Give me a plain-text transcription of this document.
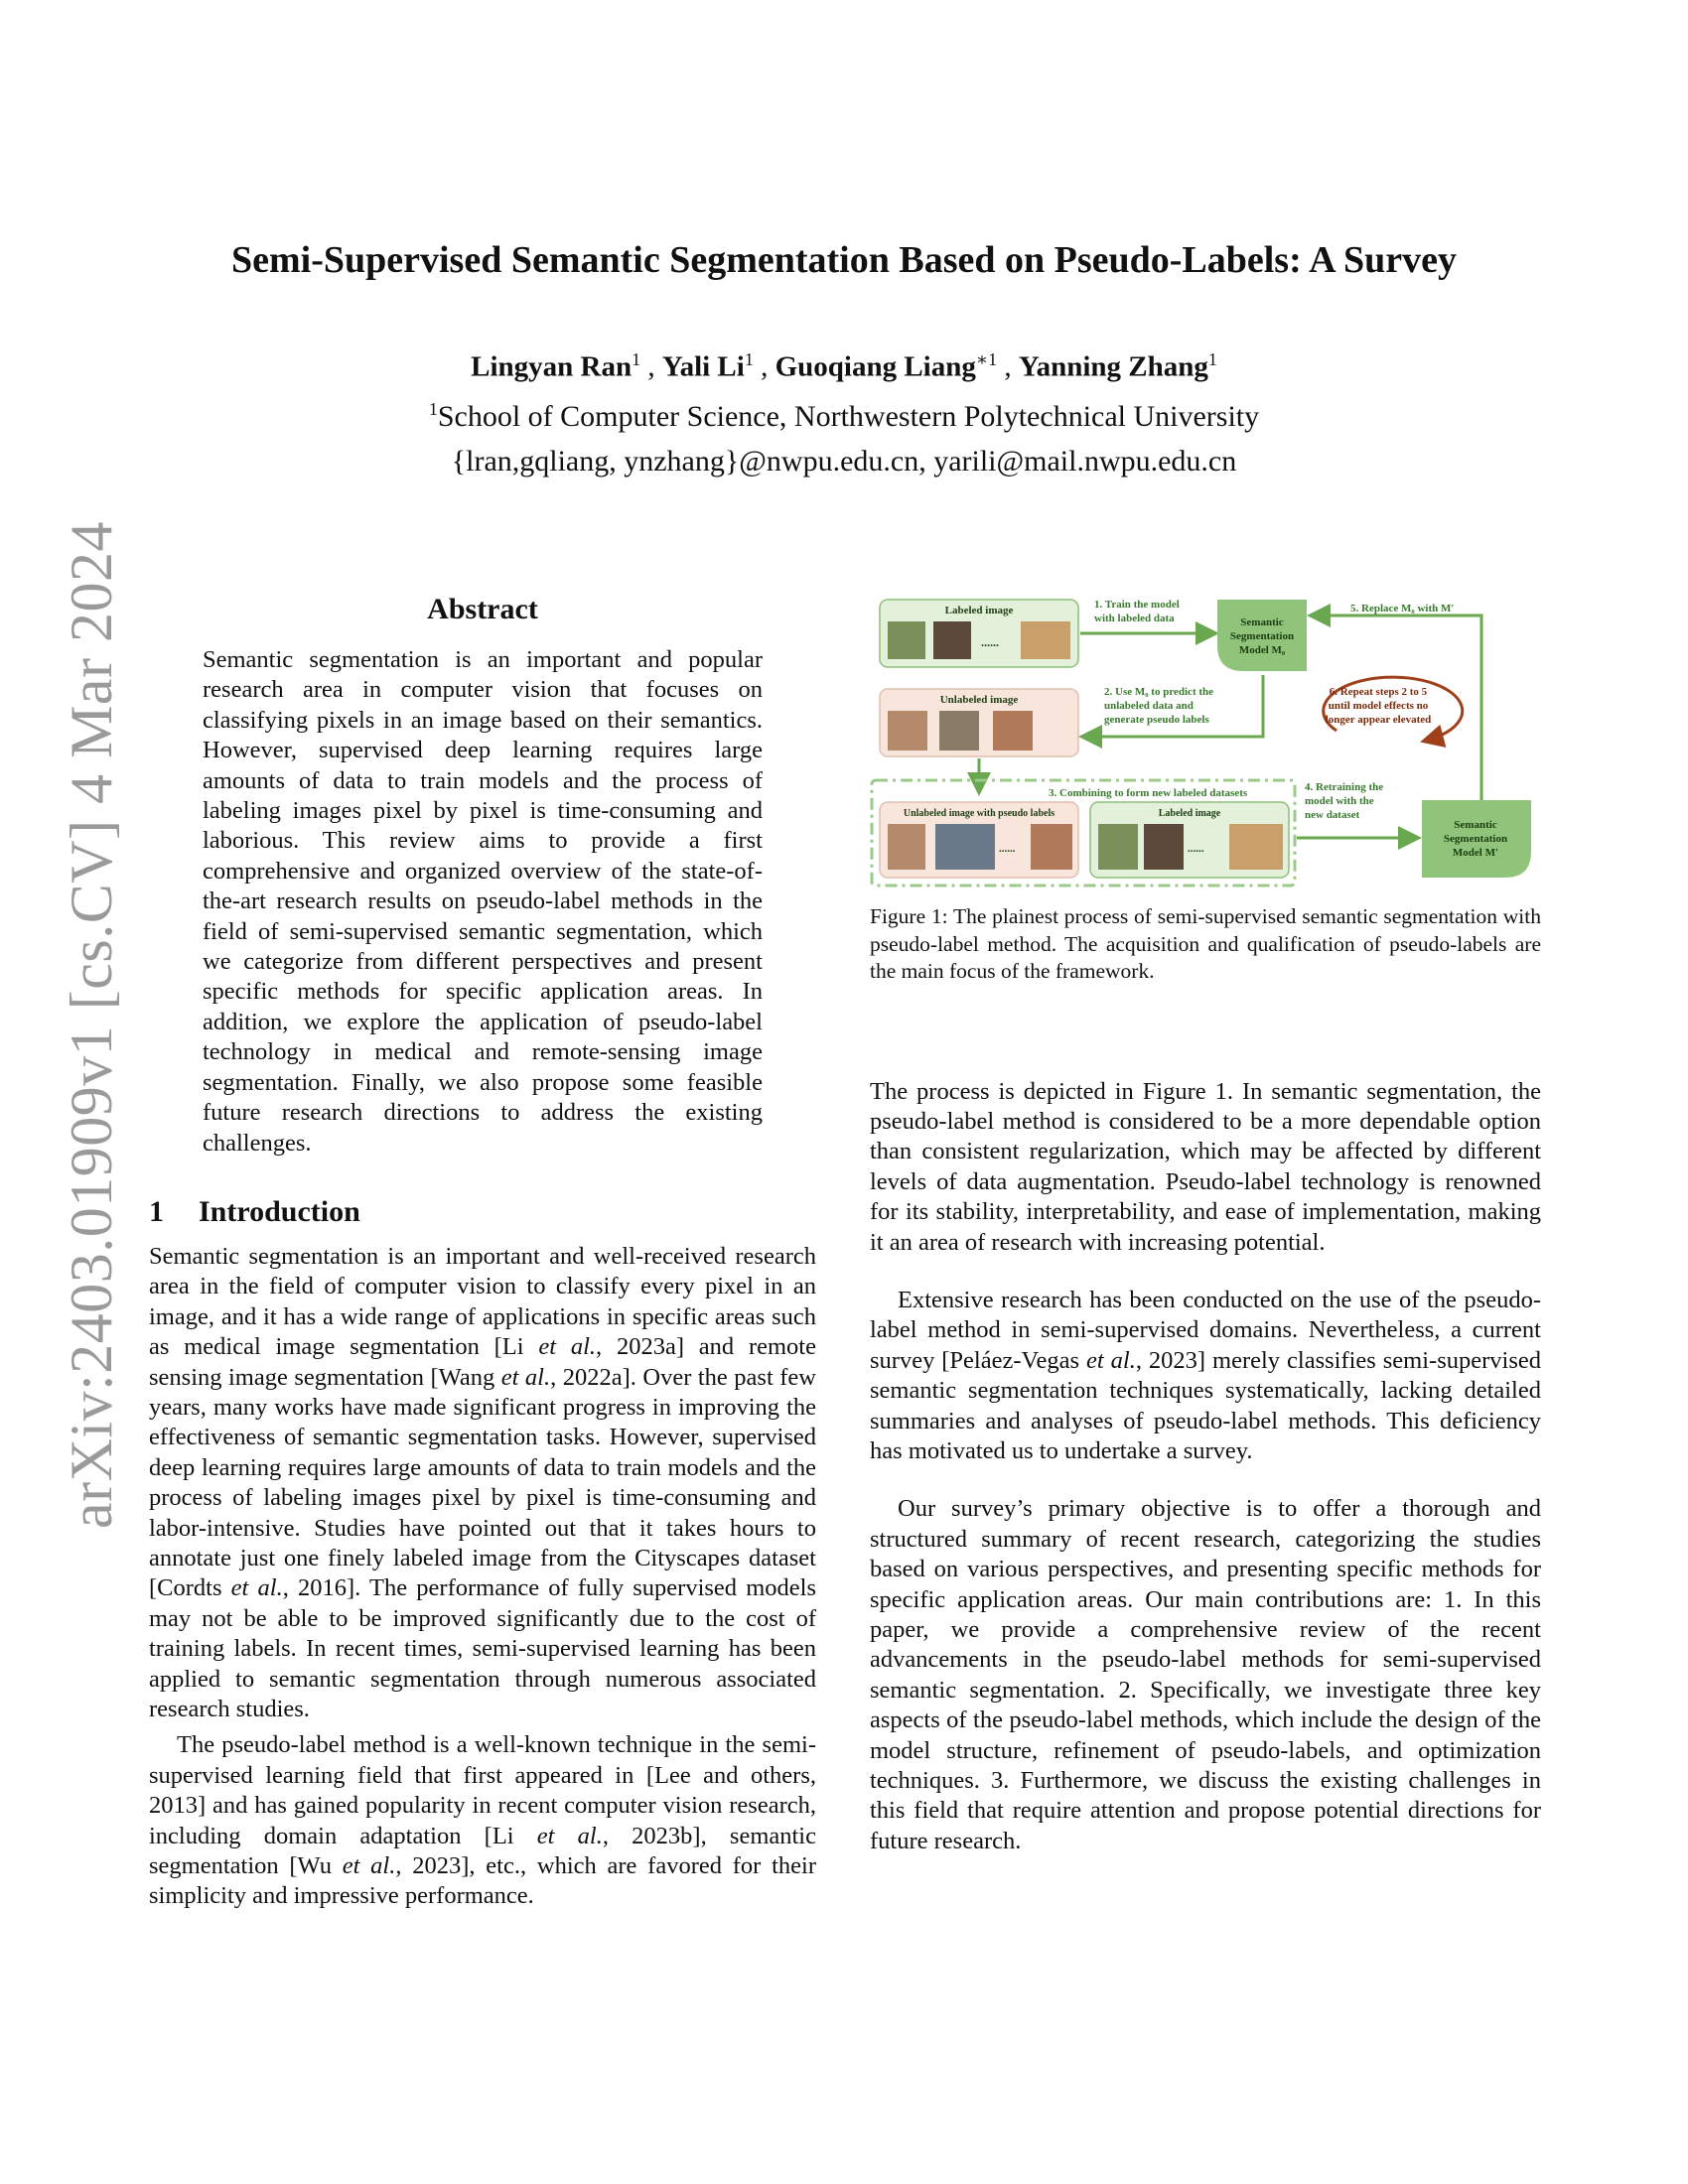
arXiv:2403.01909v1 [cs.CV] 4 Mar 2024
Semi-Supervised Semantic Segmentation Based on Pseudo-Labels: A Survey
Lingyan Ran$^1$ , Yali Li$^1$ , Guoqiang Liang$^{∗1}$ , Yanning Zhang$^1$
$^1$School of Computer Science, Northwestern Polytechnical University
{lran,gqliang, ynzhang}@nwpu.edu.cn, yarili@mail.nwpu.edu.cn
Abstract

Semantic segmentation is an important and popular research area in computer vision that focuses on classifying pixels in an image based on their semantics. However, supervised deep learning requires large amounts of data to train models and the process of labeling images pixel by pixel is time-consuming and laborious. This review aims to provide a first comprehensive and organized overview of the state-of-the-art research results on pseudo-label methods in the field of semi-supervised semantic segmentation, which we categorize from different perspectives and present specific methods for specific application areas. In addition, we explore the application of pseudo-label technology in medical and remote-sensing image segmentation. Finally, we also propose some feasible future research directions to address the existing challenges.

1 Introduction

Semantic segmentation is an important and well-received research area in the field of computer vision to classify every pixel in an image, and it has a wide range of applications in specific areas such as medical image segmentation [Li et al., 2023a] and remote sensing image segmentation [Wang et al., 2022a]. Over the past few years, many works have made significant progress in improving the effectiveness of semantic segmentation tasks. However, supervised deep learning requires large amounts of data to train models and the process of labeling images pixel by pixel is time-consuming and labor-intensive. Studies have pointed out that it takes hours to annotate just one finely labeled image from the Cityscapes dataset [Cordts et al., 2016]. The performance of fully supervised models may not be able to be improved significantly due to the cost of training labels. In recent times, semi-supervised learning has been applied to semantic segmentation through numerous associated research studies.

The pseudo-label method is a well-known technique in the semi-supervised learning field that first appeared in [Lee and others, 2013] and has gained popularity in recent computer vision research, including domain adaptation [Li et al., 2023b], semantic segmentation [Wu et al., 2023], etc., which are favored for their simplicity and impressive performance.

Labeled image
......
1. Train the model
with labeled data	Semantic
Segmentation
Model M₀
5. Replace M₀ with M′
Unlabeled image
2. Use M₀ to predict the
unlabeled data and
generate pseudo labels
6. Repeat steps 2 to 5
until model effects no
longer appear elevated
3. Combining to form new labeled datasets
Unlabeled image with pseudo labels
......
Labeled image
......
4. Retraining the
model with the
new dataset
Semantic
Segmentation
Model M′
Figure 1: The plainest process of semi-supervised semantic segmentation with pseudo-label method. The acquisition and qualification of pseudo-labels are the main focus of the framework.

The process is depicted in Figure 1. In semantic segmentation, the pseudo-label method is considered to be a more dependable option than consistent regularization, which may be affected by different levels of data augmentation. Pseudo-label technology is renowned for its stability, interpretability, and ease of implementation, making it an area of research with increasing potential.

Extensive research has been conducted on the use of the pseudo-label method in semi-supervised domains. Nevertheless, a current survey [Peláez-Vegas et al., 2023] merely classifies semi-supervised semantic segmentation techniques systematically, lacking detailed summaries and analyses of pseudo-label methods. This deficiency has motivated us to undertake a survey.

Our survey’s primary objective is to offer a thorough and structured summary of recent research, categorizing the studies based on various perspectives, and presenting specific methods for specific application areas. Our main contributions are: 1. In this paper, we provide a comprehensive review of the recent advancements in the pseudo-label methods for semi-supervised semantic segmentation. 2. Specifically, we investigate three key aspects of the pseudo-label methods, which include the design of the model structure, refinement of pseudo-labels, and optimization techniques. 3. Furthermore, we discuss the existing challenges in this field that require attention and propose potential directions for future research.
